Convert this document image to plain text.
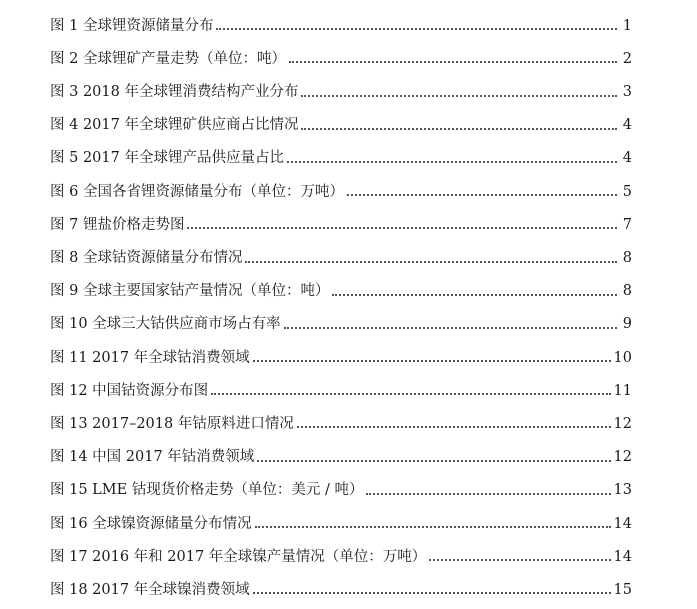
图 1 全球锂资源储量分布	1
图 2 全球锂矿产量走势（单位：吨）	2
图 3 2018 年全球锂消费结构产业分布	3
图 4 2017 年全球锂矿供应商占比情况	4
图 5 2017 年全球锂产品供应量占比	4
图 6 全国各省锂资源储量分布（单位：万吨）	5
图 7 锂盐价格走势图	7
图 8 全球钴资源储量分布情况	8
图 9 全球主要国家钴产量情况（单位：吨）	8
图 10 全球三大钴供应商市场占有率	9
图 11 2017 年全球钴消费领域	10
图 12 中国钴资源分布图	11
图 13 2017–2018 年钴原料进口情况	12
图 14 中国 2017 年钴消费领域	12
图 15 LME 钴现货价格走势（单位：美元 / 吨）	13
图 16 全球镍资源储量分布情况	14
图 17 2016 年和 2017 年全球镍产量情况（单位：万吨）	14
图 18 2017 年全球镍消费领域	15
